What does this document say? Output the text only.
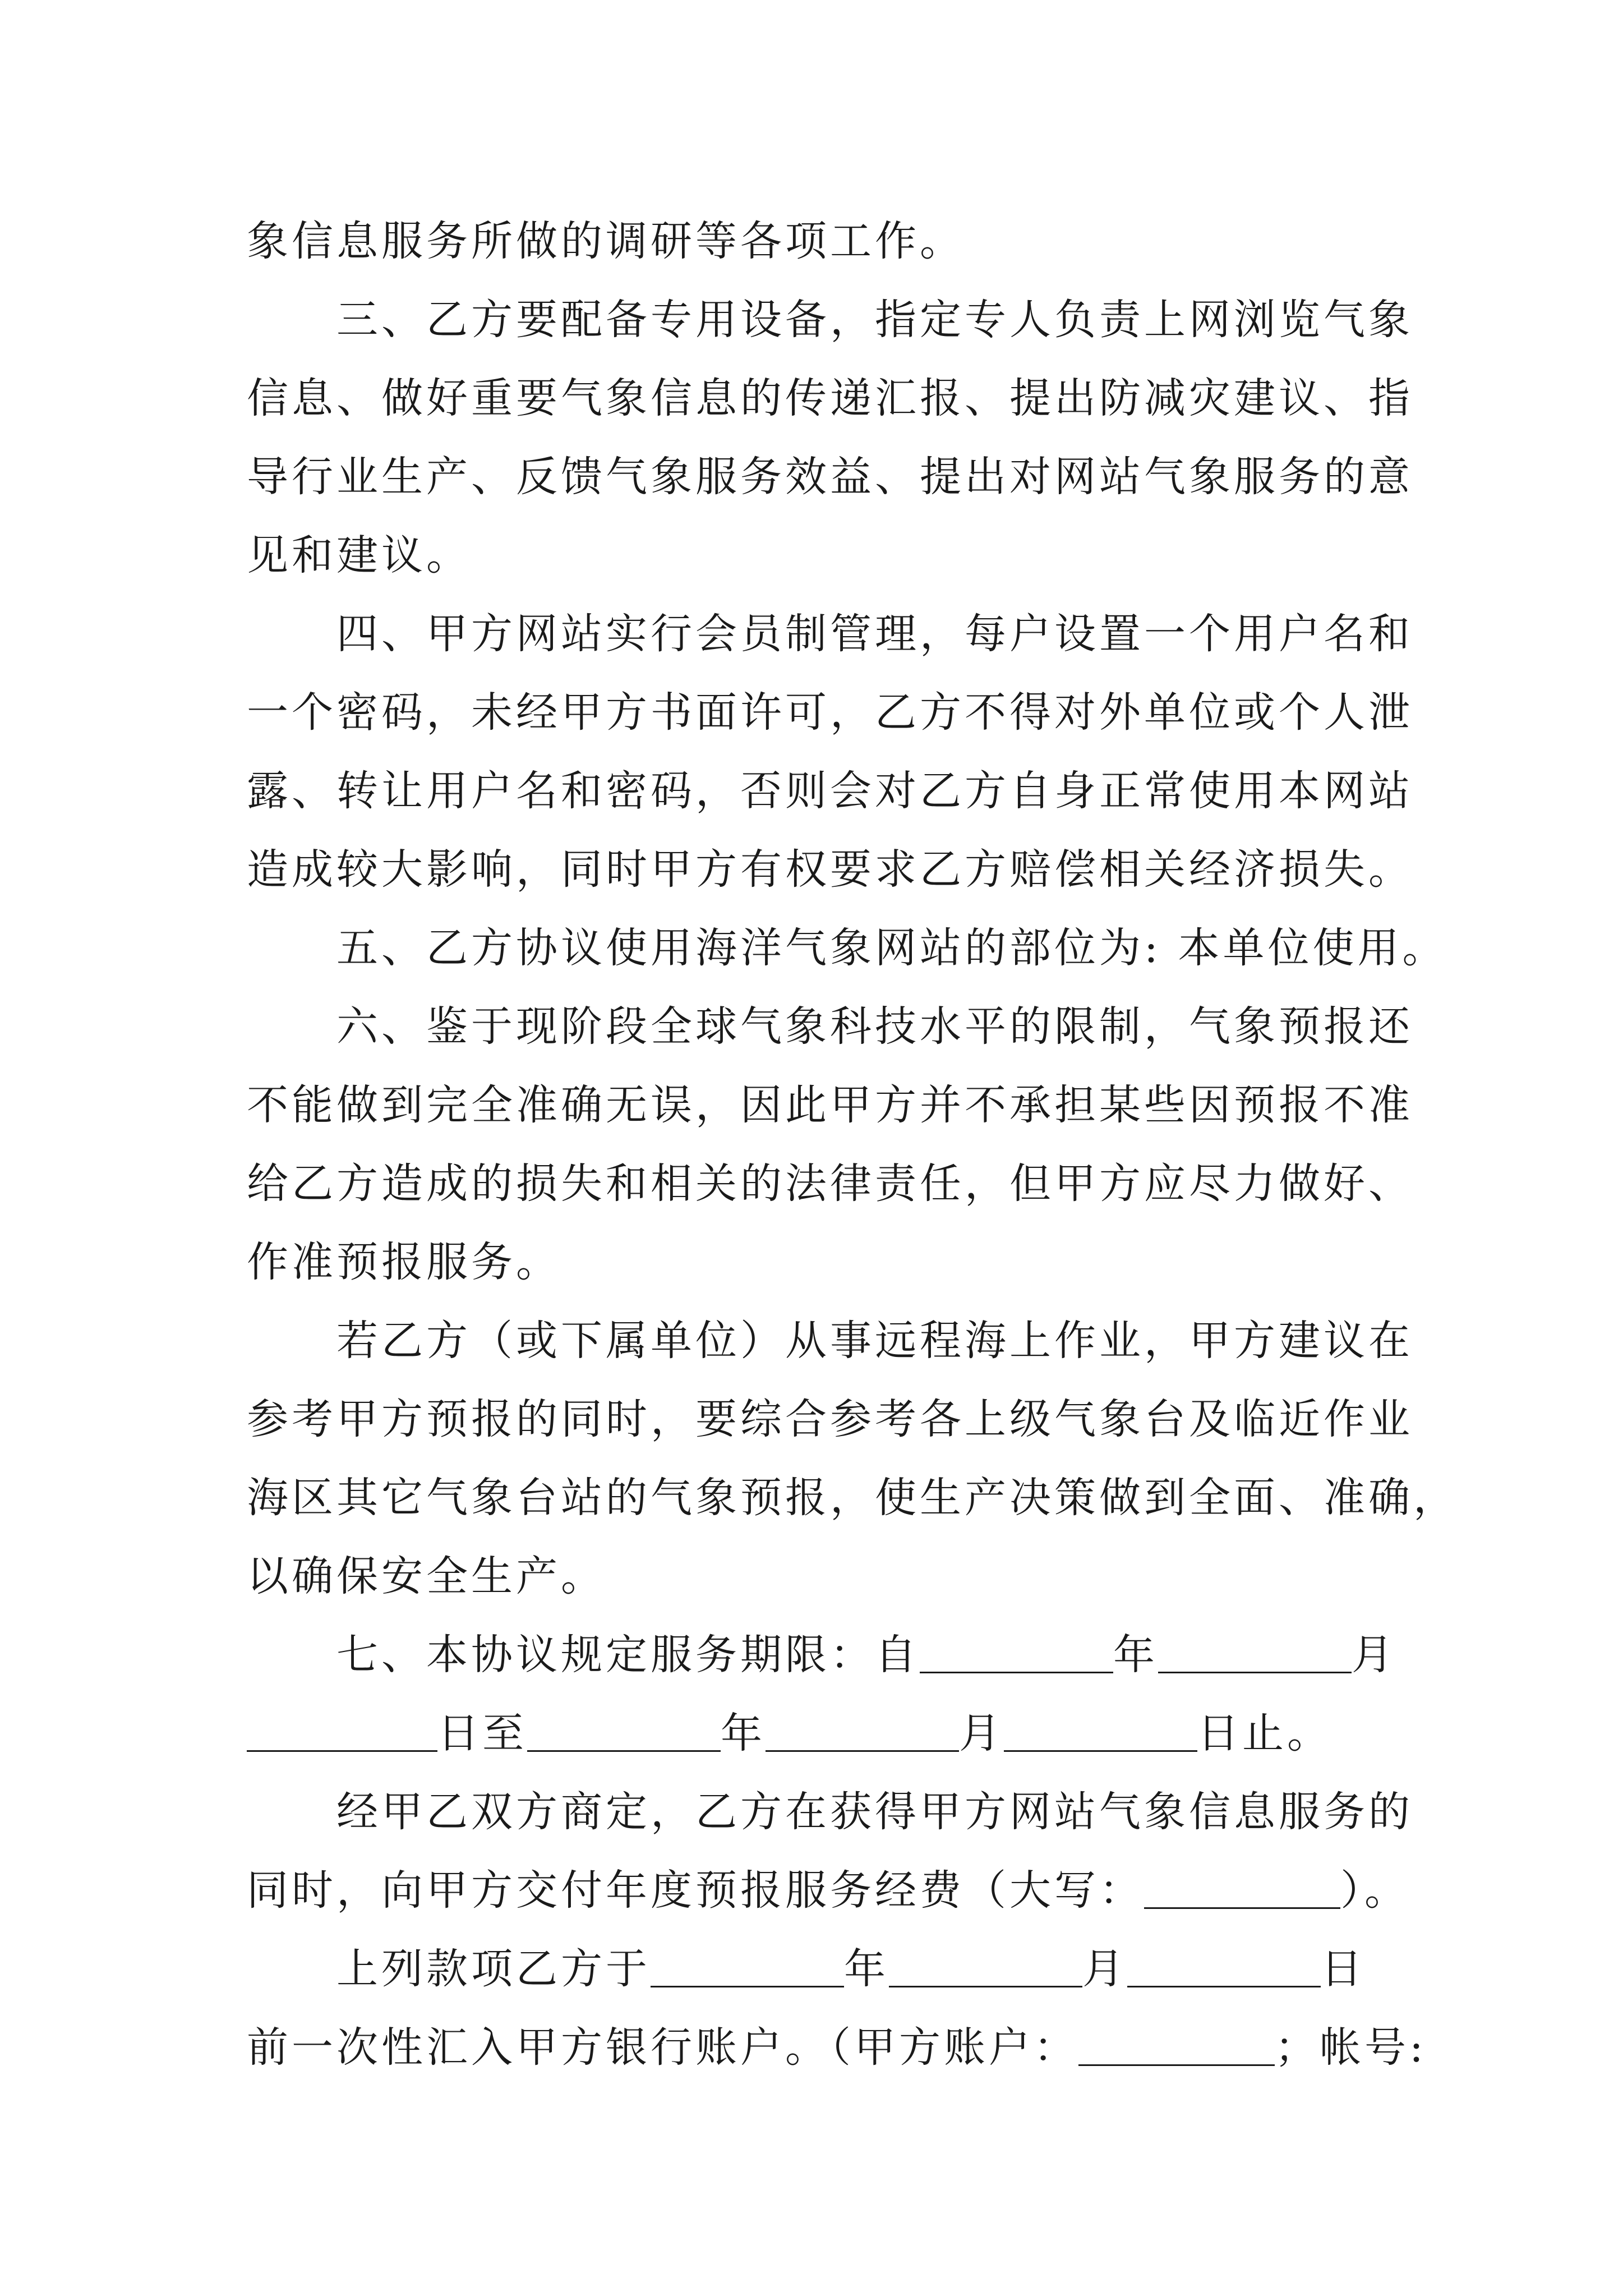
象信息服务所做的调研等各项工作。
三、乙方要配备专用设备，指定专人负责上网浏览气象
信息、做好重要气象信息的传递汇报、提出防减灾建议、指
导行业生产、反馈气象服务效益、提出对网站气象服务的意
见和建议。
四、甲方网站实行会员制管理，每户设置一个用户名和
一个密码，未经甲方书面许可，乙方不得对外单位或个人泄
露、转让用户名和密码，否则会对乙方自身正常使用本网站
造成较大影响，同时甲方有权要求乙方赔偿相关经济损失。
五、乙方协议使用海洋气象网站的部位为: 本单位使用。
六、鉴于现阶段全球气象科技水平的限制，气象预报还
不能做到完全准确无误，因此甲方并不承担某些因预报不准
给乙方造成的损失和相关的法律责任，但甲方应尽力做好、
作准预报服务。
若乙方（或下属单位）从事远程海上作业，甲方建议在
参考甲方预报的同时，要综合参考各上级气象台及临近作业
海区其它气象台站的气象预报，使生产决策做到全面、准确，
以确保安全生产。
七、本协议规定服务期限：自	年	月
日至	年	月	日止。
经甲乙双方商定，乙方在获得甲方网站气象信息服务的
同时，向甲方交付年度预报服务经费（大写：	）。
上列款项乙方于	年	月	日
前一次性汇入甲方银行账户。（甲方账户：	；帐号:
